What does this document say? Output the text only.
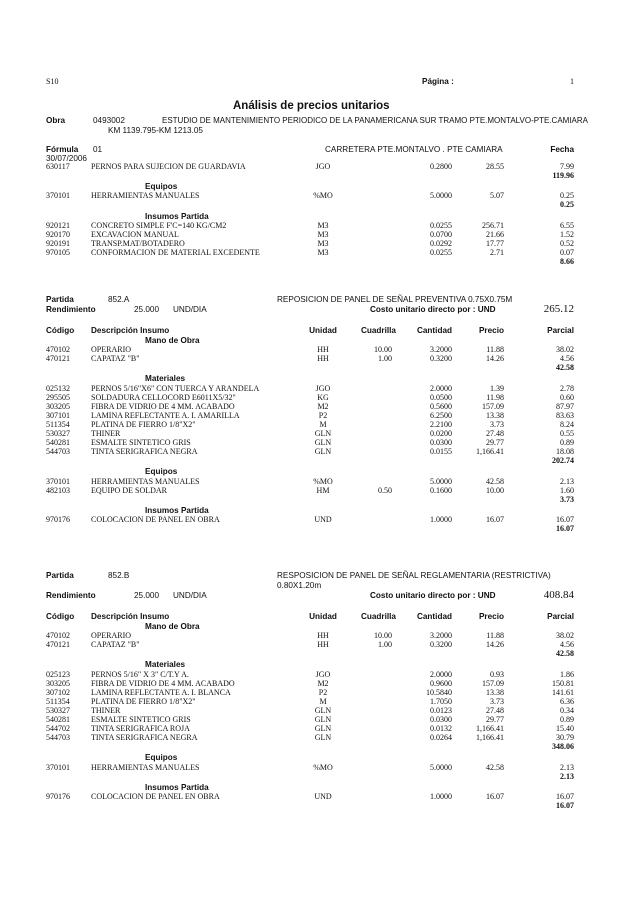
S10	Página :	1
Análisis de precios unitarios
Obra	0493002	ESTUDIO DE MANTENIMIENTO PERIODICO DE LA PANAMERICANA SUR TRAMO PTE.MONTALVO-PTE.CAMIARA
KM 1139.795-KM 1213.05
Fórmula 01	CARRETERA PTE.MONTALVO . PTE CAMIARA	Fecha
30/07/2006
630117	PERNOS PARA SUJECION DE GUARDAVIA	JGO	0.2800	28.55	7.99
119.96
Equipos
370101	HERRAMIENTAS MANUALES	%MO	5.0000	5.07	0.25
0.25
Insumos Partida
920121	CONCRETO SIMPLE F'C=140 KG/CM2	M3	0.0255	256.71	6.55
920170	EXCAVACION MANUAL	M3	0.0700	21.66	1.52
920191	TRANSP.MAT/BOTADERO	M3	0.0292	17.77	0.52
970105	CONFORMACION DE MATERIAL EXCEDENTE	M3	0.0255	2.71	0.07
8.66
Partida	852.A	REPOSICION DE PANEL DE SEÑAL PREVENTIVA 0.75X0.75M
Rendimiento	25.000 UND/DIA	Costo unitario directo por : UND	265.12
Código Descripción Insumo	Unidad	Cuadrilla	Cantidad	Precio	Parcial
Mano de Obra
470102	OPERARIO	HH	10.00	3.2000	11.88	38.02
470121	CAPATAZ "B"	HH	1.00	0.3200	14.26	4.56
42.58
Materiales
025132	PERNOS 5/16"X6" CON TUERCA Y ARANDELA	JGO	2.0000	1.39	2.78
295505	SOLDADURA CELLOCORD E6011X5/32"	KG	0.0500	11.98	0.60
303205	FIBRA DE VIDRIO DE 4 MM. ACABADO	M2	0.5600	157.09	87.97
307101	LAMINA REFLECTANTE A. I. AMARILLA	P2	6.2500	13.38	83.63
511354	PLATINA DE FIERRO 1/8"X2"	M	2.2100	3.73	8.24
530327	THINER	GLN	0.0200	27.48	0.55
540281	ESMALTE SINTETICO GRIS	GLN	0.0300	29.77	0.89
544703	TINTA SERIGRAFICA NEGRA	GLN	0.0155	1,166.41	18.08
202.74
Equipos
370101	HERRAMIENTAS MANUALES	%MO	5.0000	42.58	2.13
482103	EQUIPO DE SOLDAR	HM	0.50	0.1600	10.00	1.60
3.73
Insumos Partida
970176	COLOCACION DE PANEL EN OBRA	UND	1.0000	16.07	16.07
16.07
Partida	852.B	RESPOSICION DE PANEL DE SEÑAL REGLAMENTARIA (RESTRICTIVA)
0.80X1.20m
Rendimiento	25.000 UND/DIA	Costo unitario directo por : UND	408.84
Código Descripción Insumo	Unidad	Cuadrilla	Cantidad	Precio	Parcial
Mano de Obra
470102	OPERARIO	HH	10.00	3.2000	11.88	38.02
470121	CAPATAZ "B"	HH	1.00	0.3200	14.26	4.56
42.58
Materiales
025123	PERNOS 5/16" X 3" C/T.Y A.	JGO	2.0000	0.93	1.86
303205	FIBRA DE VIDRIO DE 4 MM. ACABADO	M2	0.9600	157.09	150.81
307102	LAMINA REFLECTANTE A. I. BLANCA	P2	10.5840	13.38	141.61
511354	PLATINA DE FIERRO 1/8"X2"	M	1.7050	3.73	6.36
530327	THINER	GLN	0.0123	27.48	0.34
540281	ESMALTE SINTETICO GRIS	GLN	0.0300	29.77	0.89
544702	TINTA SERIGRAFICA ROJA	GLN	0.0132	1,166.41	15.40
544703	TINTA SERIGRAFICA NEGRA	GLN	0.0264	1,166.41	30.79
348.06
Equipos
370101	HERRAMIENTAS MANUALES	%MO	5.0000	42.58	2.13
2.13
Insumos Partida
970176	COLOCACION DE PANEL EN OBRA	UND	1.0000	16.07	16.07
16.07
